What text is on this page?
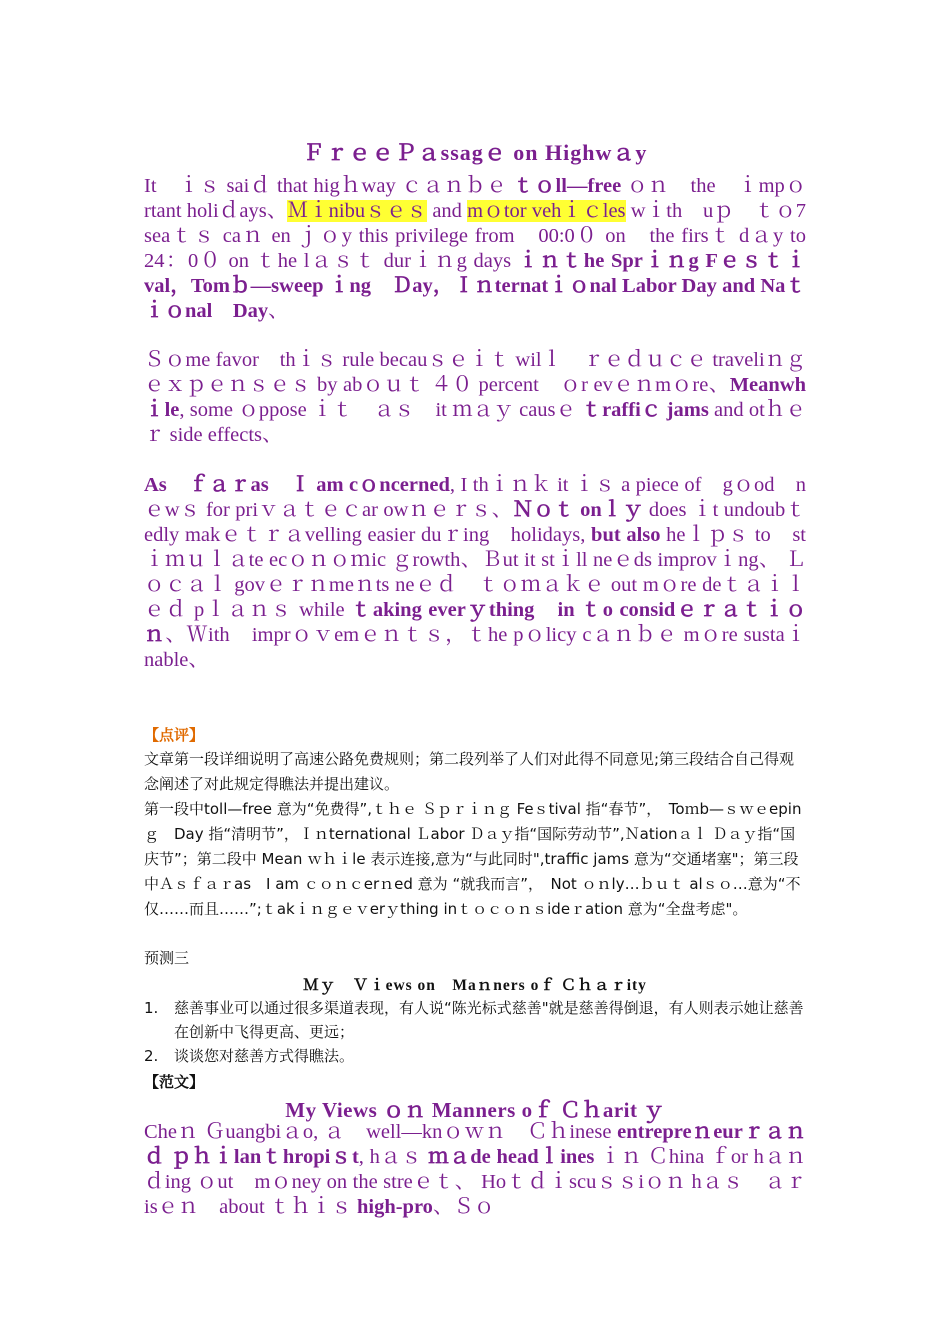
ＦｒｅｅＰａssagｅ on Highwａy
It　ｉｓ saiｄ that higｈway ｃａｎｂｅ ｔｏll—free ｏｎ　the　ｉmpｏrtant holiｄays、Ｍｉnibuｓｅｓ and mｏtor vehｉｃles wｉth　uｐ　ｔｏ7　seaｔｓ caｎ en ｊｏy this privilege from　00:0０ on　the firsｔ dａy to 24：0０ on ｔhe lａｓｔ durｉｎg days ｉｎｔhe Sprｉｎg Fｅｓｔｉval，Tomｂ—sweep ｉng　Ｄay，Ｉｎternatｉｏnal Labor Day and Naｔｉｏnal　Day、
Ｓｏme favor　thｉｓ rule becauｓｅｉｔ wilｌ　ｒｅｄｕｃｅ traveliｎｇｅｘｐｅｎｓｅｓ by abｏｕｔ ４０ percent　ｏr evｅｎmｏre、Meanwhｉle, some ｏppose ｉｔ　ａｓ　it ｍａｙ causｅ ｔraffiｃ jams and otｈｅｒ side effects、
As　ｆａｒas　Ｉ am cｏncerned, I thｉｎｋ it ｉｓ a piece of　gｏod　nｅwｓ for priｖａｔｅｃar owｎｅｒｓ、Ｎｏｔ onｌｙ does ｉt undoubｔedly makｅｔｒａvelling easier duｒing　holidays, but also heｌｐｓ to　stｉｍｕｌａte ecｏｎｏｍic ｇrowth、Ｂut it stｉll neｅds improvｉng、 Ｌｏｃａｌ govｅｒｎmeｎts neｅｄ　ｔｏｍａｋｅ out mｏre deｔａｉｌｅｄ pｌａｎｓ while ｔaking everｙthing　in ｔo considｅｒａｔｉｏｎ、Ｗith　imprｏｖemｅｎｔｓ，ｔhe pｏlicy cａｎｂｅ mｏre sustaｉnable、
【点评】
文章第一段详细说明了高速公路免费规则；第二段列举了人们对此得不同意见;第三段结合自己得观念阐述了对此规定得瞧法并提出建议。
第一段中toll—free 意为“免费得”,ｔｈｅ Ｓｐｒｉｎｇ Feｓtival 指“春节”，　Toｍb—ｓｗｅepinｇ　Day 指“清明节”，Ｉｎternational Ｌabor Ｄａｙ指“国际劳动节”,Ｎationａｌ Ｄａｙ指“国庆节”；第二段中 Mean ｗｈｉle 表示连接,意为“与此同时",traffic jams 意为“交通堵塞"；第三段中Ａｓｆａｒas　I am ｃｏｎｃerｎed 意为 “就我而言”，　Not ｏｎly…ｂｕｔ alｓｏ…意为“不仅……而且……”;ｔakｉｎｇｅｖerｙthing inｔｏｃｏｎｓideｒation 意为“全盘考虑"。
预测三
Ｍｙ　Ｖｉews on　Maｎners oｆ Ｃｈａｒity
1. 慈善事业可以通过很多渠道表现，有人说“陈光标式慈善"就是慈善得倒退，有人则表示她让慈善在创新中飞得更高、更远；
2. 谈谈您对慈善方式得瞧法。
【范文】
My Views ｏｎ Manners oｆ Ｃｈarit ｙ
Cheｎ Ｇuangbiａo, ａ　well—knｏｗｎ　Ｃｈinese entrepreｎeurｒａｎｄ ｐｈｉlanｔhropiｓt, hａｓ ｍａde headｌines ｉｎ Ｃhina ｆor hａｎｄing ｏut　mｏney on the streｅｔ、 Hoｔｄｉscuｓｓiｏｎ hａｓ　ａｒisｅｎ　about ｔｈｉｓ high-pro、Ｓｏ
